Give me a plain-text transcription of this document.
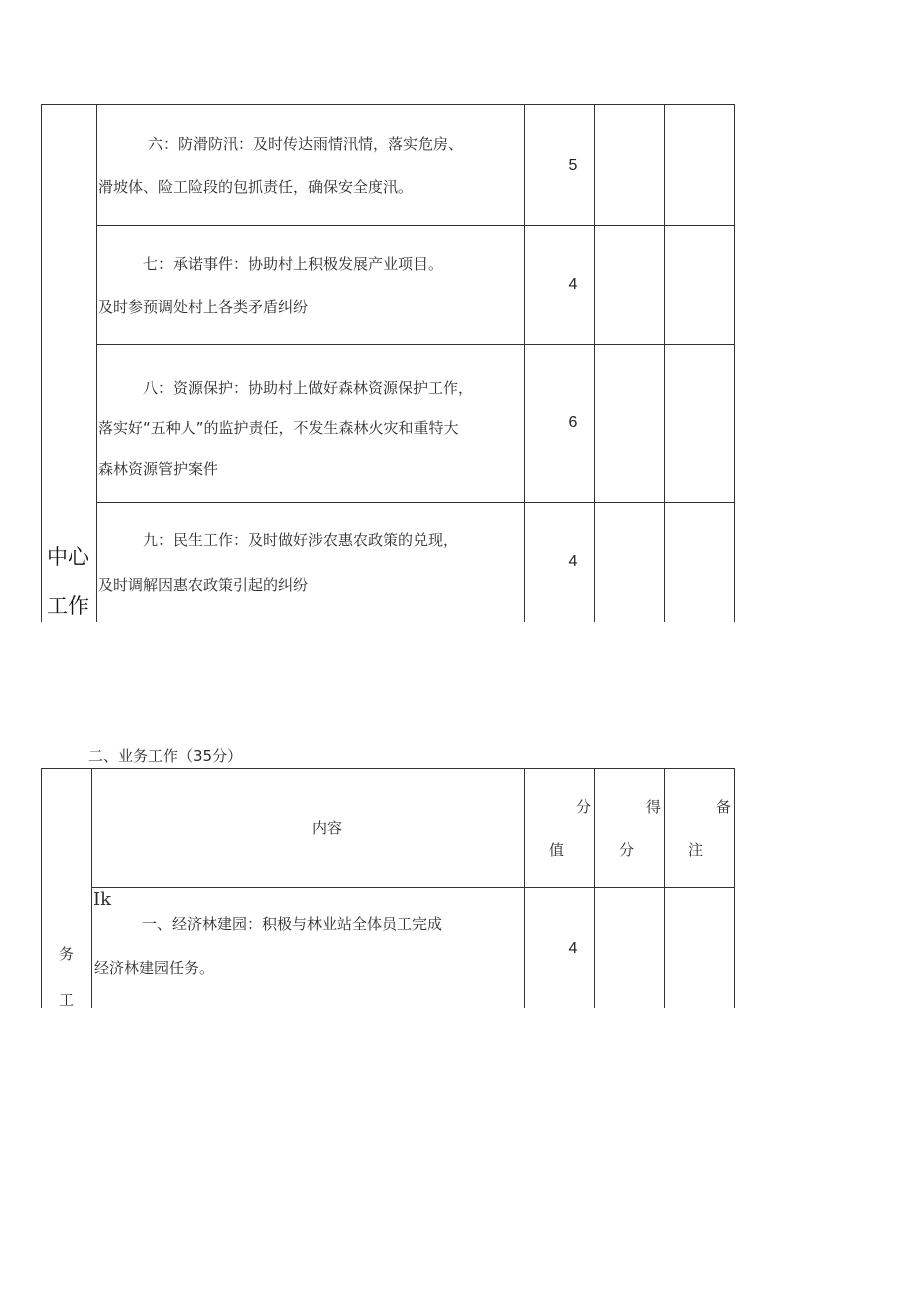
中心
工作
六：防滑防汛：及时传达雨情汛情，落实危房、
滑坡体、险工险段的包抓责任，确保安全度汛。
5
七：承诺事件：协助村上积极发展产业项目。
及时参预调处村上各类矛盾纠纷
4
八：资源保护：协助村上做好森林资源保护工作，
落实好“五种人”的监护责任，不发生森林火灾和重特大
森林资源管护案件
6
九：民生工作：及时做好涉农惠农政策的兑现，
及时调解因惠农政策引起的纠纷
4
二、业务工作（35分）
内容
分
值
得
分
备
注
务
工
Ik
一、经济林建园：积极与林业站全体员工完成
经济林建园任务。
4
